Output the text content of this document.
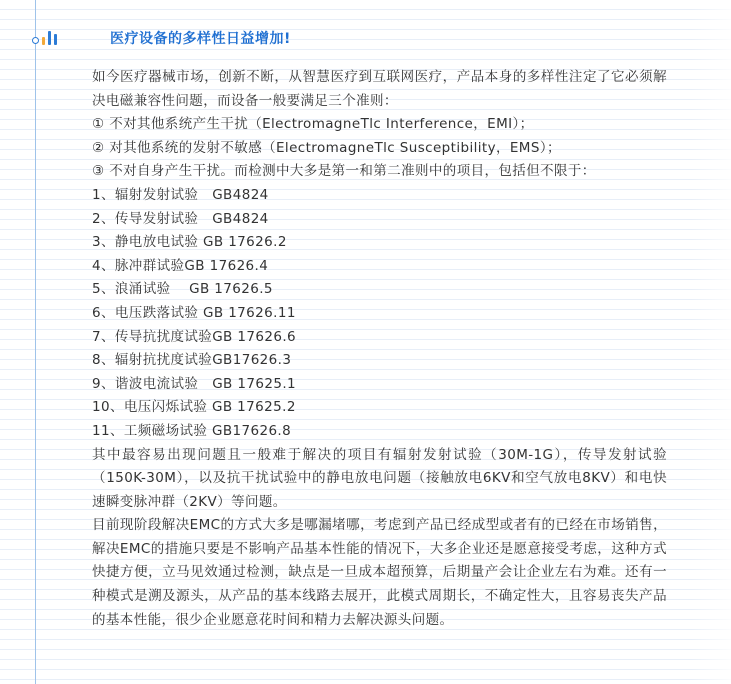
医疗设备的多样性日益增加!

如今医疗器械市场，创新不断，从智慧医疗到互联网医疗，产品本身的多样性注定了它必须解决电磁兼容性问题，而设备一般要满足三个准则：

① 不对其他系统产生干扰（ElectromagneTlc Interference，EMI）；
② 对其他系统的发射不敏感（ElectromagneTlc Susceptibility，EMS）；
③ 不对自身产生干扰。而检测中大多是第一和第二准则中的项目，包括但不限于：
1、辐射发射试验　GB4824
2、传导发射试验　GB4824
3、静电放电试验 GB 17626.2
4、脉冲群试验GB 17626.4
5、浪涌试验　 GB 17626.5
6、电压跌落试验 GB 17626.11
7、传导抗扰度试验GB 17626.6
8、辐射抗扰度试验GB17626.3
9、谐波电流试验　GB 17625.1
10、电压闪烁试验 GB 17625.2
11、工频磁场试验 GB17626.8

其中最容易出现问题且一般难于解决的项目有辐射发射试验（30M-1G），传导发射试验（150K-30M），以及抗干扰试验中的静电放电问题（接触放电6KV和空气放电8KV）和电快速瞬变脉冲群（2KV）等问题。

目前现阶段解决EMC的方式大多是哪漏堵哪，考虑到产品已经成型或者有的已经在市场销售，解决EMC的措施只要是不影响产品基本性能的情况下，大多企业还是愿意接受考虑，这种方式快捷方便，立马见效通过检测，缺点是一旦成本超预算，后期量产会让企业左右为难。还有一种模式是溯及源头，从产品的基本线路去展开，此模式周期长，不确定性大，且容易丧失产品的基本性能，很少企业愿意花时间和精力去解决源头问题。
